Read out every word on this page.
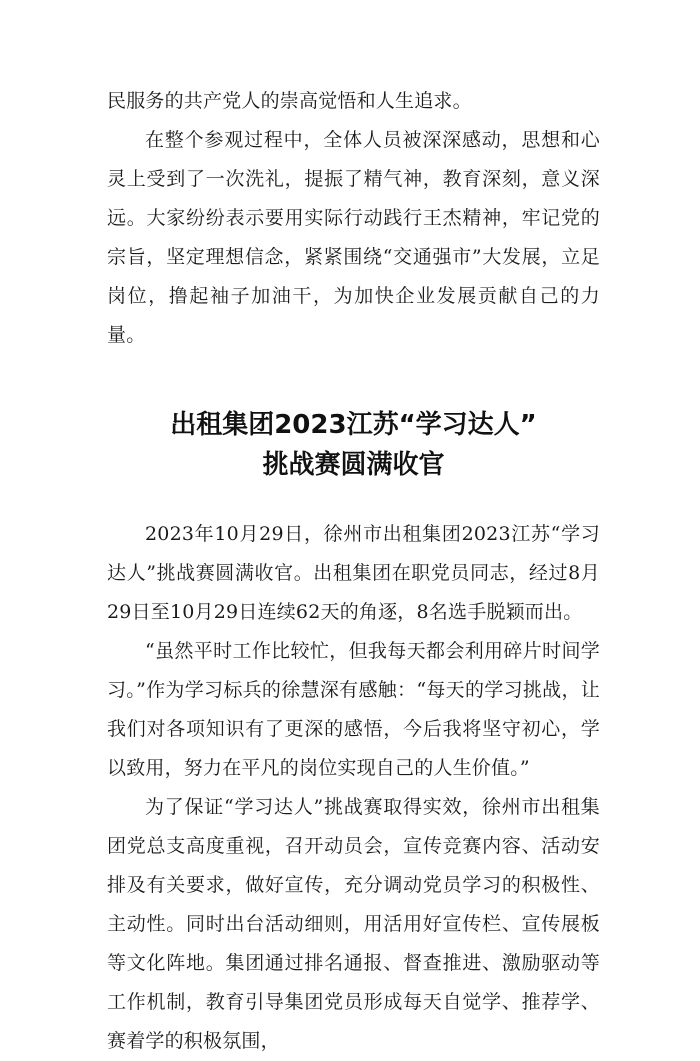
民服务的共产党人的崇高觉悟和人生追求。

在整个参观过程中，全体人员被深深感动，思想和心灵上受到了一次洗礼，提振了精气神，教育深刻，意义深远。大家纷纷表示要用实际行动践行王杰精神，牢记党的宗旨，坚定理想信念，紧紧围绕“交通强市”大发展，立足岗位，撸起袖子加油干，为加快企业发展贡献自己的力量。

出租集团2023江苏“学习达人”

挑战赛圆满收官

2023年10月29日，徐州市出租集团2023江苏“学习达人”挑战赛圆满收官。出租集团在职党员同志，经过8月29日至10月29日连续62天的角逐，8名选手脱颖而出。

“虽然平时工作比较忙，但我每天都会利用碎片时间学习。”作为学习标兵的徐慧深有感触：“每天的学习挑战，让我们对各项知识有了更深的感悟，今后我将坚守初心，学以致用，努力在平凡的岗位实现自己的人生价值。”

为了保证“学习达人”挑战赛取得实效，徐州市出租集团党总支高度重视，召开动员会，宣传竞赛内容、活动安排及有关要求，做好宣传，充分调动党员学习的积极性、主动性。同时出台活动细则，用活用好宣传栏、宣传展板等文化阵地。集团通过排名通报、督查推进、激励驱动等工作机制，教育引导集团党员形成每天自觉学、推荐学、赛着学的积极氛围，
